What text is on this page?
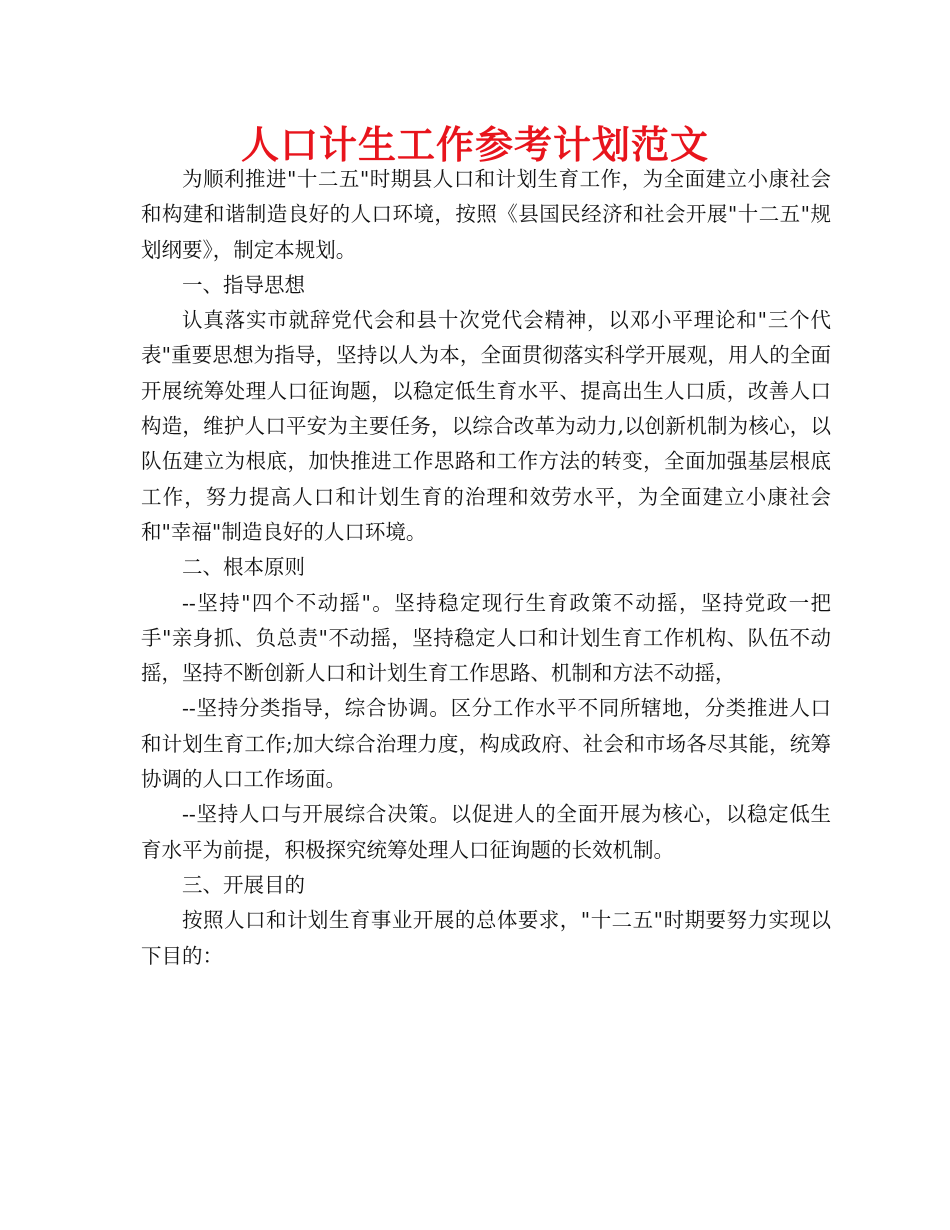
人口计生工作参考计划范文

为顺利推进"十二五"时期县人口和计划生育工作，为全面建立小康社会和构建和谐制造良好的人口环境，按照《县国民经济和社会开展"十二五"规划纲要》，制定本规划。

一、指导思想

认真落实市就辞党代会和县十次党代会精神，以邓小平理论和"三个代表"重要思想为指导，坚持以人为本，全面贯彻落实科学开展观，用人的全面开展统筹处理人口征询题，以稳定低生育水平、提高出生人口质，改善人口构造，维护人口平安为主要任务，以综合改革为动力,以创新机制为核心，以队伍建立为根底，加快推进工作思路和工作方法的转变，全面加强基层根底工作，努力提高人口和计划生育的治理和效劳水平，为全面建立小康社会和"幸福"制造良好的人口环境。

二、根本原则

--坚持"四个不动摇"。坚持稳定现行生育政策不动摇，坚持党政一把手"亲身抓、负总责"不动摇，坚持稳定人口和计划生育工作机构、队伍不动摇，坚持不断创新人口和计划生育工作思路、机制和方法不动摇，

--坚持分类指导，综合协调。区分工作水平不同所辖地，分类推进人口和计划生育工作;加大综合治理力度，构成政府、社会和市场各尽其能，统筹协调的人口工作场面。

--坚持人口与开展综合决策。以促进人的全面开展为核心，以稳定低生育水平为前提，积极探究统筹处理人口征询题的长效机制。

三、开展目的

按照人口和计划生育事业开展的总体要求，"十二五"时期要努力实现以下目的：
